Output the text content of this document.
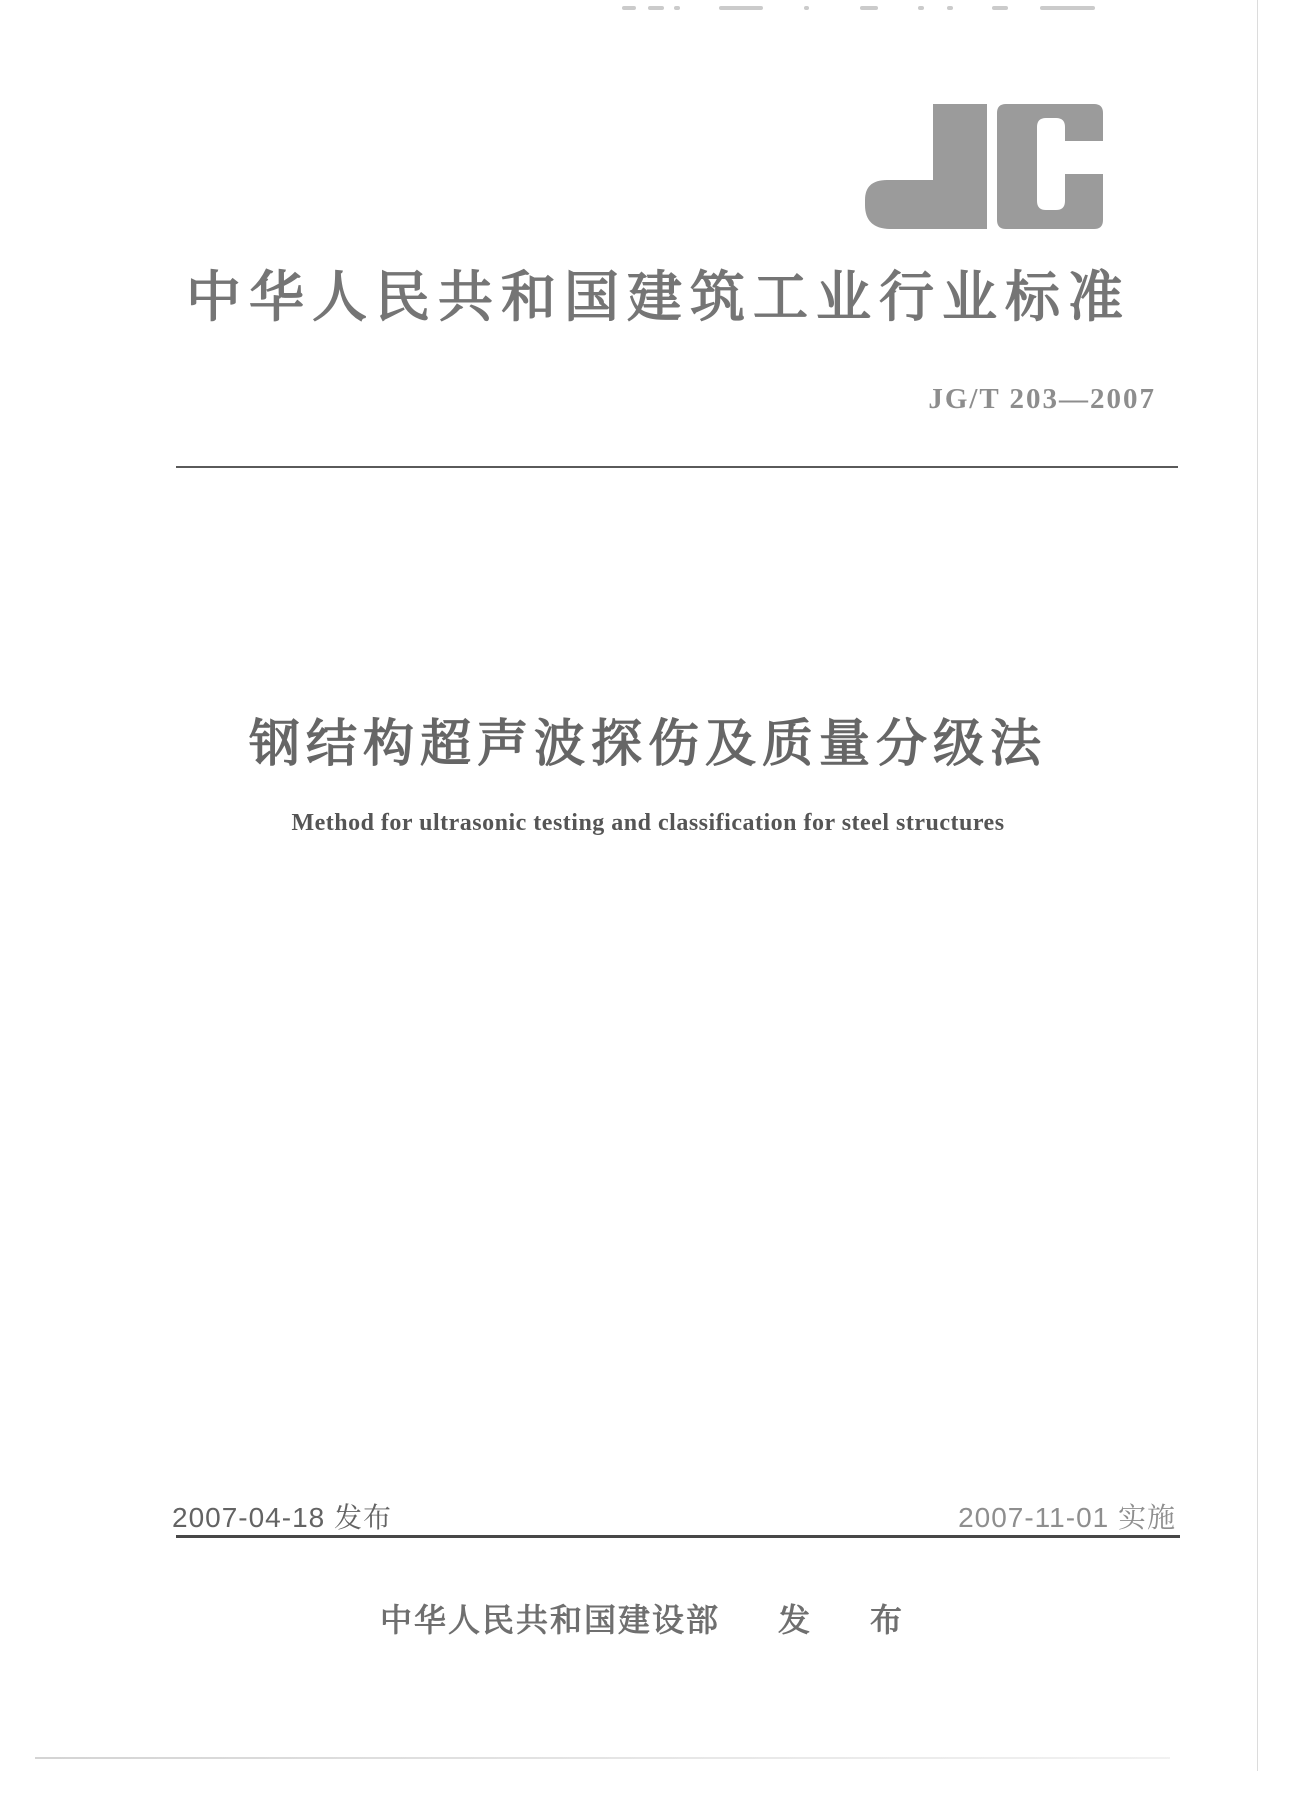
中华人民共和国建筑工业行业标准
JG/T 203—2007
钢结构超声波探伤及质量分级法
Method for ultrasonic testing and classification for steel structures
2007-04-18 发布	2007-11-01 实施
中华人民共和国建设部 发　布
